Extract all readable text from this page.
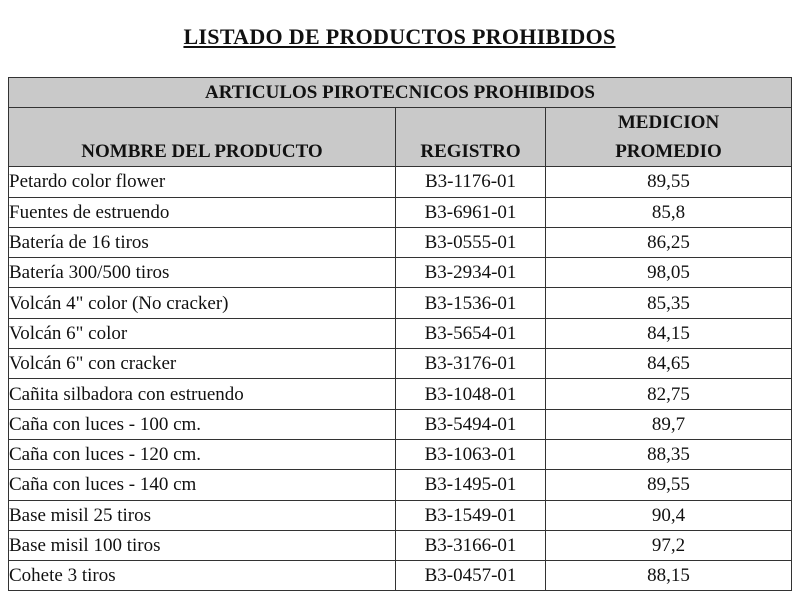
LISTADO DE PRODUCTOS PROHIBIDOS
ARTICULOS PIROTECNICOS PROHIBIDOS		
NOMBRE DEL PRODUCTO	REGISTRO	MEDICION
PROMEDIO

Petardo color flower	B3-1176-01	89,55
Fuentes de estruendo	B3-6961-01	85,8
Batería de 16 tiros	B3-0555-01	86,25
Batería 300/500 tiros	B3-2934-01	98,05
Volcán 4" color (No cracker)	B3-1536-01	85,35
Volcán 6" color	B3-5654-01	84,15
Volcán 6" con cracker	B3-3176-01	84,65
Cañita silbadora con estruendo	B3-1048-01	82,75
Caña con luces - 100 cm.	B3-5494-01	89,7
Caña con luces - 120 cm.	B3-1063-01	88,35
Caña con luces - 140 cm	B3-1495-01	89,55
Base misil 25 tiros	B3-1549-01	90,4
Base misil 100 tiros	B3-3166-01	97,2
Cohete 3 tiros	B3-0457-01	88,15
